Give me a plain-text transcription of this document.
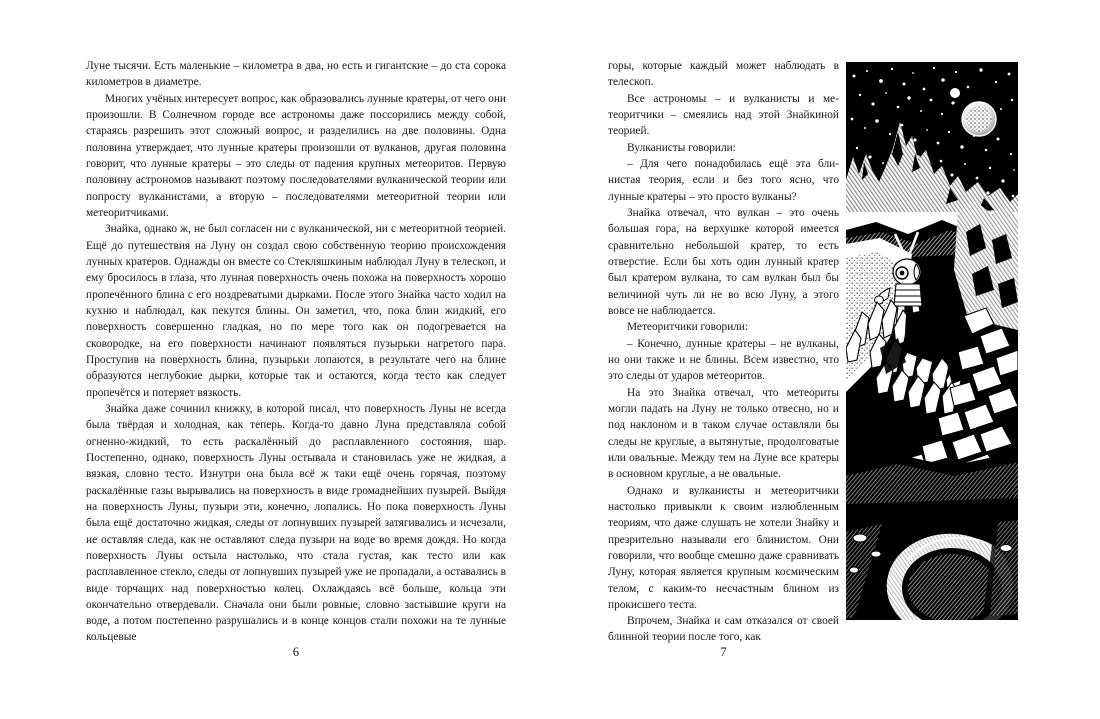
Луне тысячи. Есть маленькие – километра в два, но есть и гигантские – до ста сорока километров в диаметре.

Многих учёных интересует вопрос, как образовались лунные кратеры, от чего они произошли. В Солнечном городе все астрономы даже поссорились между собой, стараясь разрешить этот сложный вопрос, и разделились на две половины. Одна половина утверждает, что лунные кратеры произошли от вулканов, другая половина говорит, что лунные кратеры – это следы от падения крупных метеоритов. Первую половину астрономов называют поэтому последователями вулканической теории или попросту вулканистами, а вторую – последователями метеоритной теории или метеоритчиками.

Знайка, однако ж, не был согласен ни с вулканической, ни с метеоритной теорией. Ещё до путешествия на Луну он создал свою собственную теорию происхождения лунных кратеров. Однажды он вместе со Стекляшкиным наблюдал Луну в телескоп, и ему бросилось в глаза, что лунная поверхность очень похожа на поверхность хорошо пропечённого блина с его ноздреватыми дырками. После этого Знайка часто ходил на кухню и наблюдал, как пекутся блины. Он заметил, что, пока блин жидкий, его поверхность совершенно гладкая, но по мере того как он подогревается на сковородке, на его поверхности начинают появляться пузырьки нагретого пара. Проступив на поверхность блина, пузырьки лопаются, в результате чего на блине образуются неглубокие дырки, которые так и остаются, когда тесто как следует пропечётся и потеряет вязкость.

Знайка даже сочинил книжку, в которой писал, что поверхность Луны не всегда была твёрдая и холодная, как теперь. Когда-то давно Луна представляла собой огненно-жидкий, то есть раскалённый до расплавленного состояния, шар. Постепенно, однако, поверхность Луны остывала и становилась уже не жидкая, а вязкая, словно тесто. Изнутри она была всё ж таки ещё очень горячая, поэтому раскалённые газы вырывались на поверхность в виде громаднейших пузырей. Выйдя на поверхность Луны, пузыри эти, конечно, лопались. Но пока поверхность Луны была ещё достаточно жидкая, следы от лопнувших пузырей затягивались и исчезали, не оставляя следа, как не оставляют следа пузыри на воде во время дождя. Но когда поверхность Луны остыла настолько, что стала густая, как тесто или как расплавленное стекло, следы от лопнувших пузырей уже не пропадали, а оставались в виде торчащих над поверхностью колец. Охлаждаясь всё больше, кольца эти окончательно отвердевали. Сначала они были ровные, словно застывшие круги на воде, а потом постепенно разрушались и в конце концов стали похожи на те лунные кольцевые

6

горы, которые каждый может наблюдать в телескоп.

Все астрономы – и вулканисты и метеоритчики – смеялись над этой Знайкиной теорией.

Вулканисты говорили:

– Для чего понадобилась ещё эта блинистая теория, если и без того ясно, что лунные кратеры – это просто вулканы?

Знайка отвечал, что вулкан – это очень большая гора, на верхушке которой имеется сравнительно небольшой кратер, то есть отверстие. Если бы хоть один лунный кратер был кратером вулкана, то сам вулкан был бы величиной чуть ли не во всю Луну, а этого вовсе не наблюдается.

Метеоритчики говорили:

– Конечно, лунные кратеры – не вулканы, но они также и не блины. Всем известно, что это следы от ударов метеоритов.

На это Знайка отвечал, что метеориты могли падать на Луну не только отвесно, но и под наклоном и в таком случае оставляли бы следы не круглые, а вытянутые, продолговатые или овальные. Между тем на Луне все кратеры в основном круглые, а не овальные.

Однако и вулканисты и метеоритчики настолько привыкли к своим излюбленным теориям, что даже слушать не хотели Знайку и презрительно называли его блинистом. Они говорили, что вообще смешно даже сравнивать Луну, которая является крупным космическим телом, с каким-то несчастным блином из прокисшего теста.

Впрочем, Знайка и сам отказался от своей блинной теории после того, как

7
